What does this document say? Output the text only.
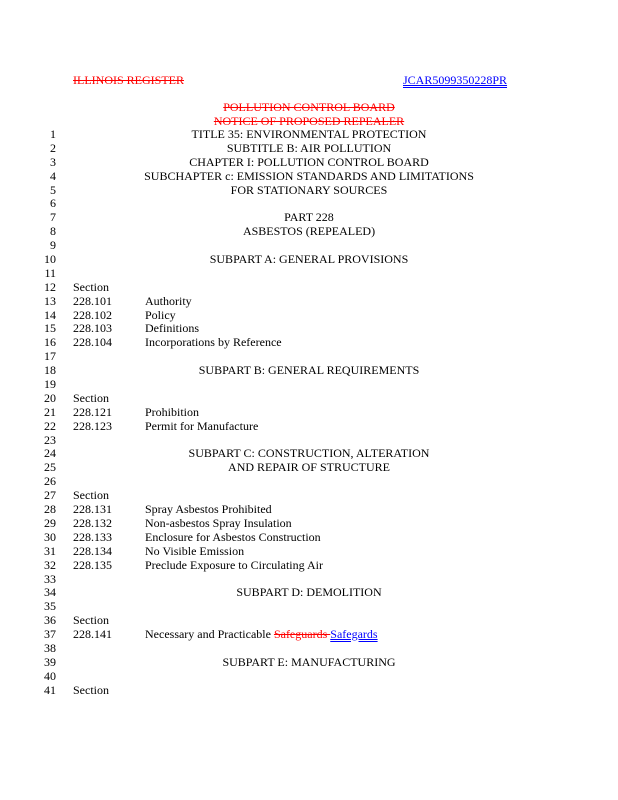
ILLINOIS REGISTER	JCAR5099350228PR
POLLUTION CONTROL BOARD
NOTICE OF PROPOSED REPEALER
1	TITLE 35: ENVIRONMENTAL PROTECTION
2	SUBTITLE B: AIR POLLUTION
3	CHAPTER I: POLLUTION CONTROL BOARD
4	SUBCHAPTER c: EMISSION STANDARDS AND LIMITATIONS
5	FOR STATIONARY SOURCES
6
7	PART 228
8	ASBESTOS (REPEALED)
9
10	SUBPART A: GENERAL PROVISIONS
11
12 Section
13 228.101	Authority
14 228.102	Policy
15 228.103	Definitions
16 228.104	Incorporations by Reference
17
18	SUBPART B: GENERAL REQUIREMENTS
19
20 Section
21 228.121	Prohibition
22 228.123	Permit for Manufacture
23
24	SUBPART C: CONSTRUCTION, ALTERATION
25	AND REPAIR OF STRUCTURE
26
27 Section
28 228.131	Spray Asbestos Prohibited
29 228.132	Non-asbestos Spray Insulation
30 228.133	Enclosure for Asbestos Construction
31 228.134	No Visible Emission
32 228.135	Preclude Exposure to Circulating Air
33
34	SUBPART D: DEMOLITION
35
36 Section
37 228.141	Necessary and Practicable Safeguards Safegards
38
39	SUBPART E: MANUFACTURING
40
41 Section
